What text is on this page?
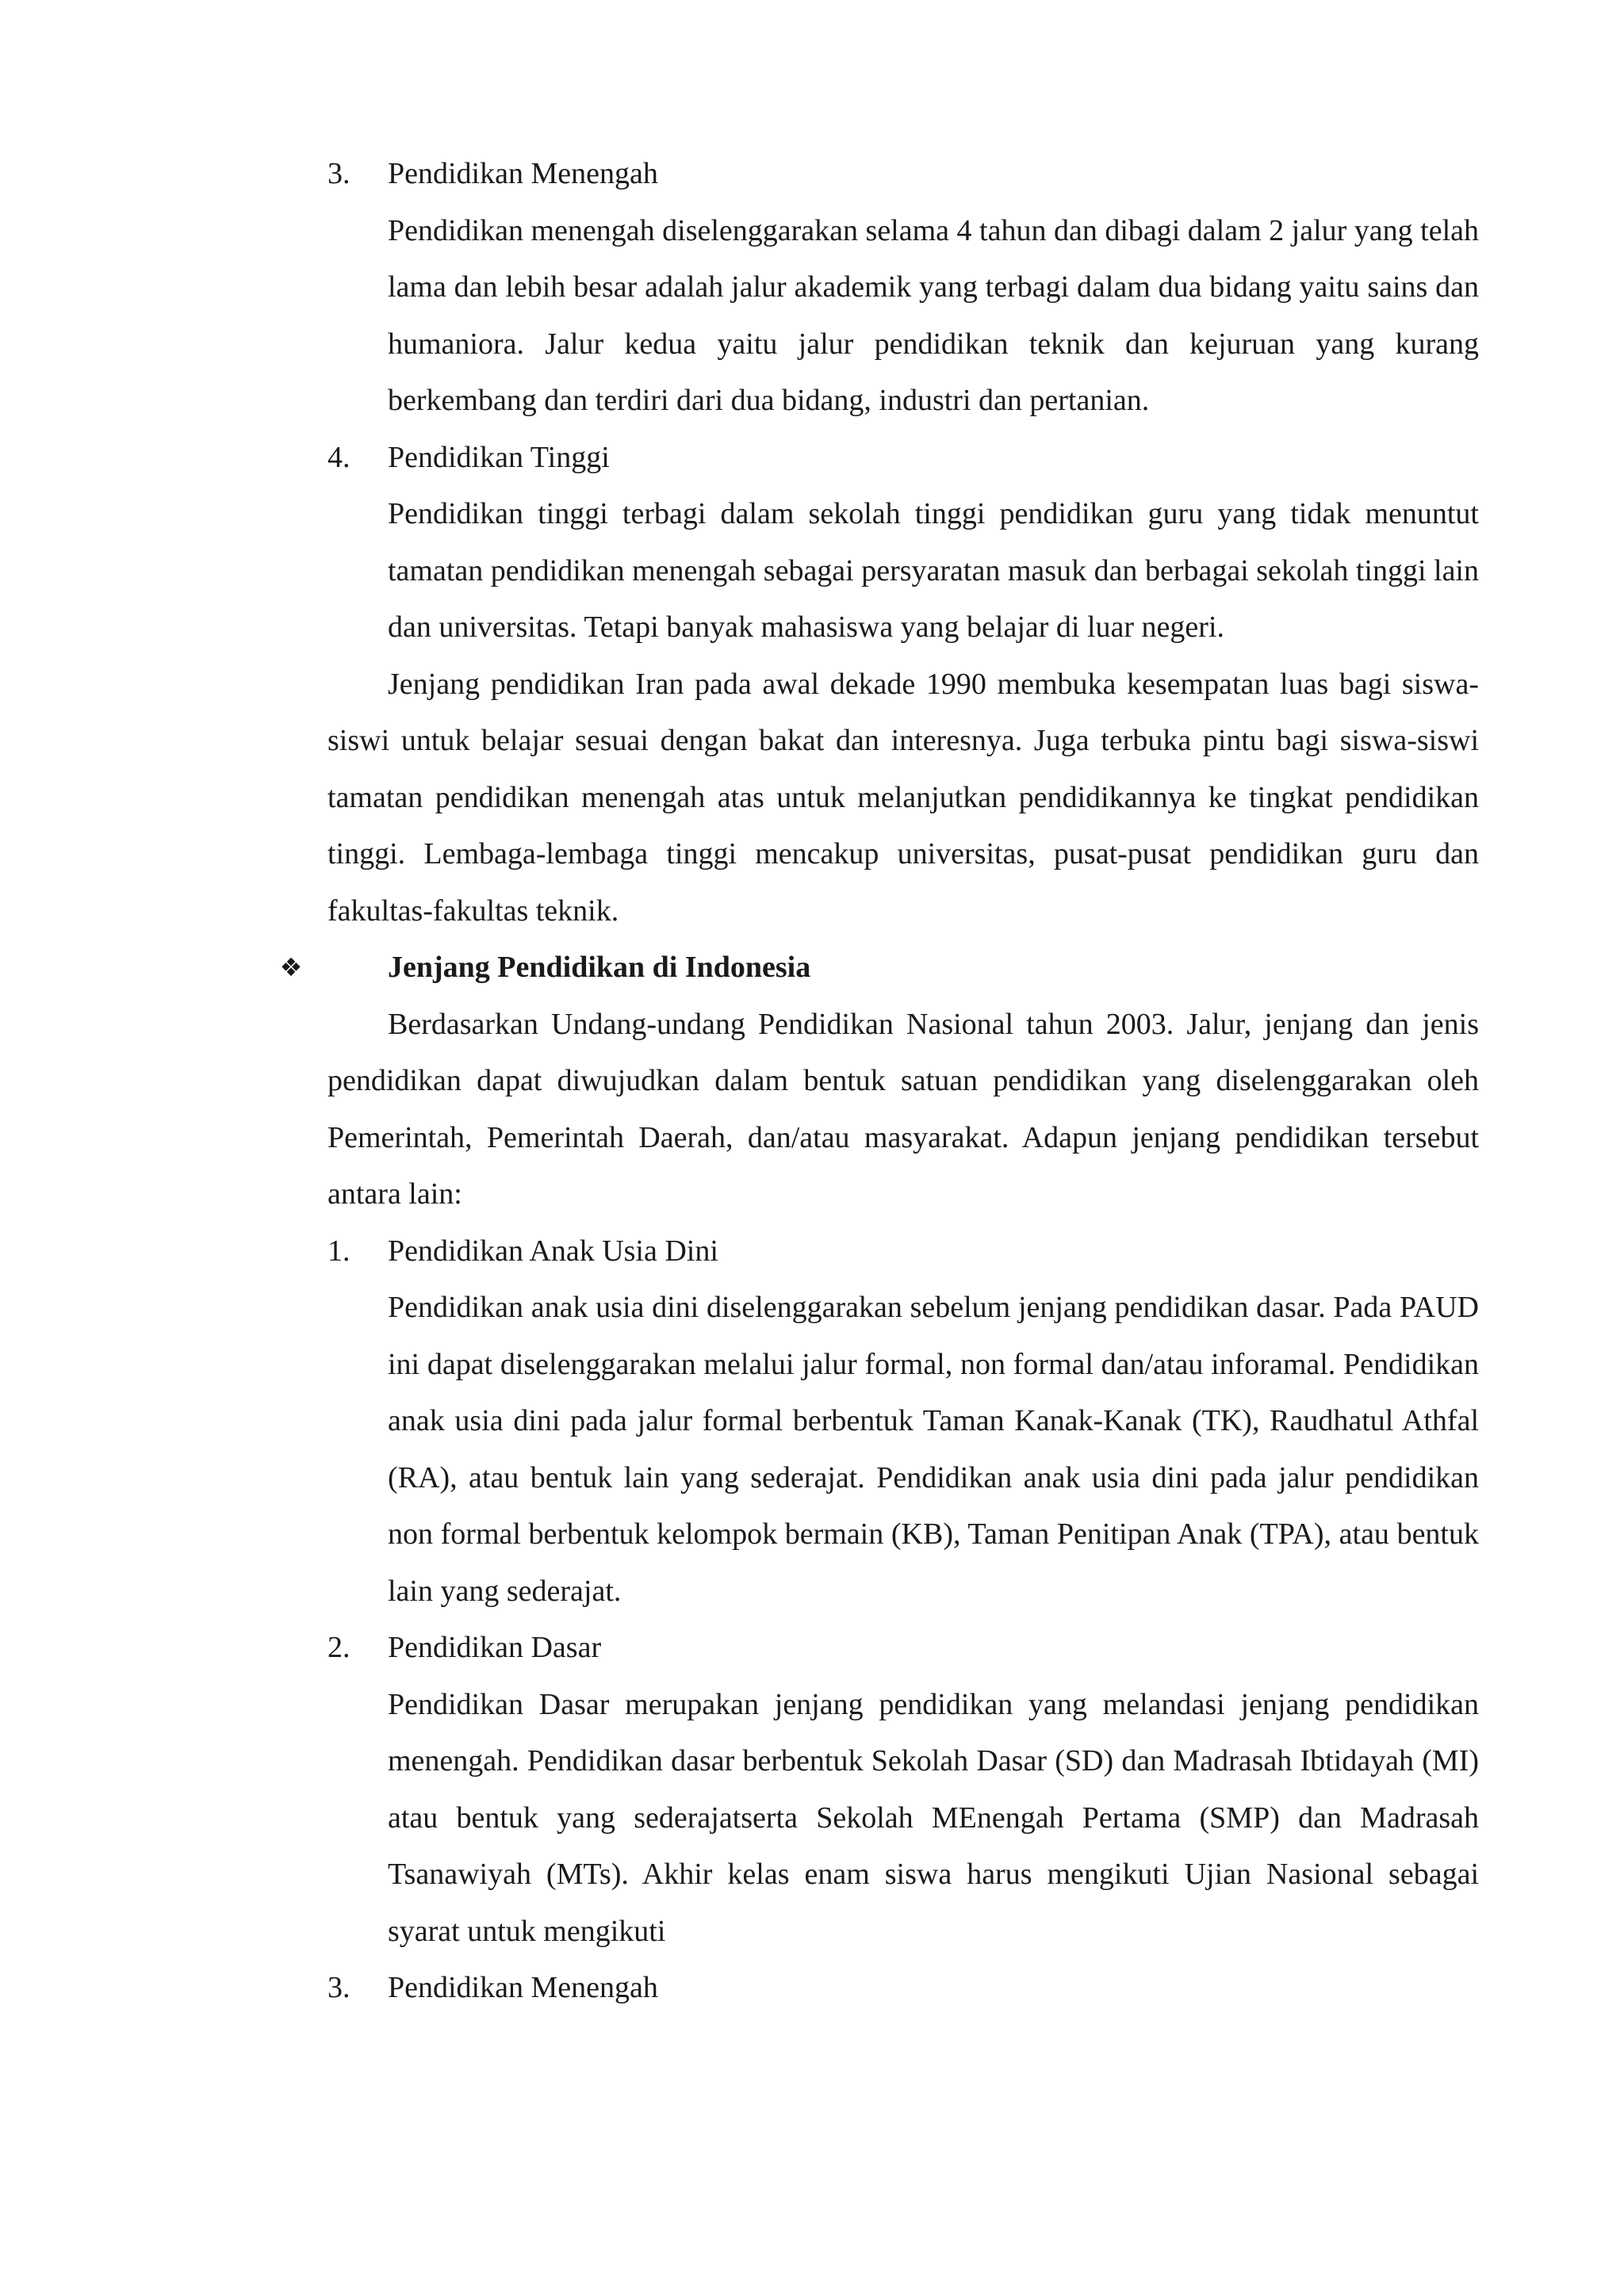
3. Pendidikan Menengah
Pendidikan menengah diselenggarakan selama 4 tahun dan dibagi dalam 2 jalur yang telah lama dan lebih besar adalah jalur akademik yang terbagi dalam dua bidang yaitu sains dan humaniora. Jalur kedua yaitu jalur pendidikan teknik dan kejuruan yang kurang berkembang dan terdiri dari dua bidang, industri dan pertanian.
4. Pendidikan Tinggi
Pendidikan tinggi terbagi dalam sekolah tinggi pendidikan guru yang tidak menuntut tamatan pendidikan menengah sebagai persyaratan masuk dan berbagai sekolah tinggi lain dan universitas. Tetapi banyak mahasiswa yang belajar di luar negeri.
Jenjang pendidikan Iran pada awal dekade 1990 membuka kesempatan luas bagi siswa-siswi untuk belajar sesuai dengan bakat dan interesnya. Juga terbuka pintu bagi siswa-siswi tamatan pendidikan menengah atas untuk melanjutkan pendidikannya ke tingkat pendidikan tinggi. Lembaga-lembaga tinggi mencakup universitas, pusat-pusat pendidikan guru dan fakultas-fakultas teknik.
❖	Jenjang Pendidikan di Indonesia
Berdasarkan Undang-undang Pendidikan Nasional tahun 2003. Jalur, jenjang dan jenis pendidikan dapat diwujudkan dalam bentuk satuan pendidikan yang diselenggarakan oleh Pemerintah, Pemerintah Daerah, dan/atau masyarakat. Adapun jenjang pendidikan tersebut antara lain:
1. Pendidikan Anak Usia Dini
Pendidikan anak usia dini diselenggarakan sebelum jenjang pendidikan dasar. Pada PAUD ini dapat diselenggarakan melalui jalur formal, non formal dan/atau inforamal. Pendidikan anak usia dini pada jalur formal berbentuk Taman Kanak-Kanak (TK), Raudhatul Athfal (RA), atau bentuk lain yang sederajat. Pendidikan anak usia dini pada jalur pendidikan non formal berbentuk kelompok bermain (KB), Taman Penitipan Anak (TPA), atau bentuk lain yang sederajat.
2. Pendidikan Dasar
Pendidikan Dasar merupakan jenjang pendidikan yang melandasi jenjang pendidikan menengah. Pendidikan dasar berbentuk Sekolah Dasar (SD) dan Madrasah Ibtidayah (MI) atau bentuk yang sederajatserta Sekolah MEnengah Pertama (SMP) dan Madrasah Tsanawiyah (MTs). Akhir kelas enam siswa harus mengikuti Ujian Nasional sebagai syarat untuk mengikuti
3. Pendidikan Menengah
